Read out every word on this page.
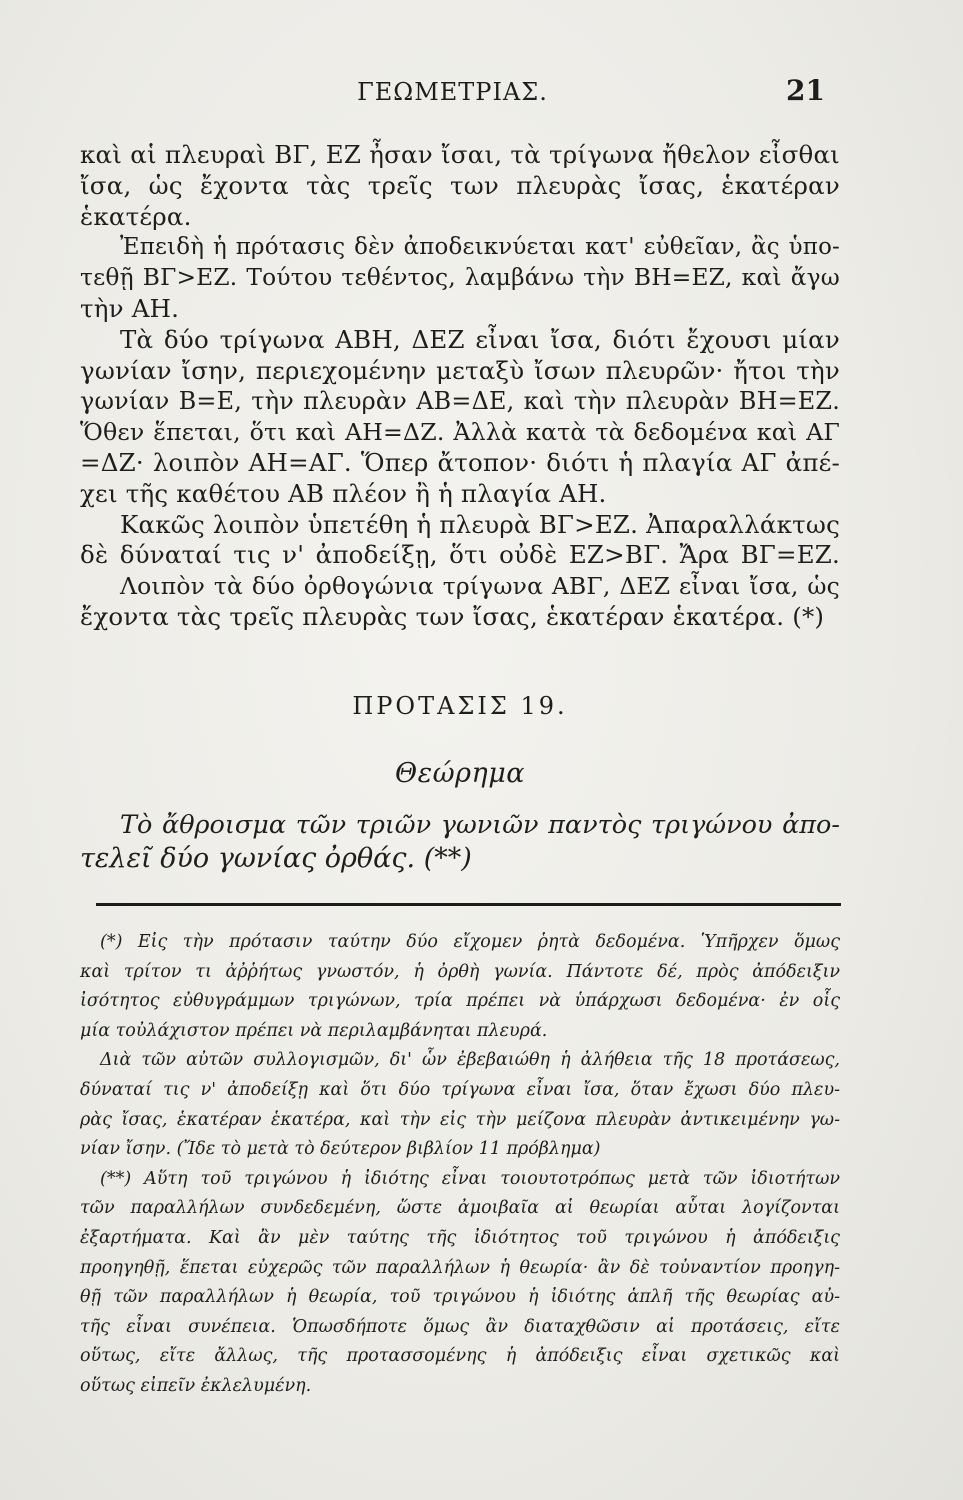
ΓΕΩΜΕΤΡΙΑΣ.	21

καὶ αἱ πλευραὶ ΒΓ, ΕΖ ἦσαν ἴσαι, τὰ τρίγωνα ἤθελον εἶσθαι
ἴσα, ὡς ἔχοντα τὰς τρεῖς των πλευρὰς ἴσας, ἑκατέραν
ἑκατέρα.
Ἐπειδὴ ἡ πρότασις δὲν ἀποδεικνύεται κατ' εὐθεῖαν, ἂς ὑπο-
τεθῇ ΒΓ>ΕΖ. Τούτου τεθέντος, λαμβάνω τὴν ΒΗ=ΕΖ, καὶ ἄγω
τὴν ΑΗ.
Τὰ δύο τρίγωνα ΑΒΗ, ΔΕΖ εἶναι ἴσα, διότι ἔχουσι μίαν
γωνίαν ἴσην, περιεχομένην μεταξὺ ἴσων πλευρῶν· ἤτοι τὴν
γωνίαν Β=Ε, τὴν πλευρὰν ΑΒ=ΔΕ, καὶ τὴν πλευρὰν ΒΗ=ΕΖ.
Ὅθεν ἕπεται, ὅτι καὶ ΑΗ=ΔΖ. Ἀλλὰ κατὰ τὰ δεδομένα καὶ ΑΓ
=ΔΖ· λοιπὸν ΑΗ=ΑΓ. Ὅπερ ἄτοπον· διότι ἡ πλαγία ΑΓ ἀπέ-
χει τῆς καθέτου ΑΒ πλέον ἢ ἡ πλαγία ΑΗ.
Κακῶς λοιπὸν ὑπετέθη ἡ πλευρὰ ΒΓ>ΕΖ. Ἀπαραλλάκτως
δὲ δύναταί τις ν' ἀποδείξῃ, ὅτι οὐδὲ ΕΖ>ΒΓ. Ἄρα ΒΓ=ΕΖ.
Λοιπὸν τὰ δύο ὀρθογώνια τρίγωνα ΑΒΓ, ΔΕΖ εἶναι ἴσα, ὡς
ἔχοντα τὰς τρεῖς πλευρὰς των ἴσας, ἑκατέραν ἑκατέρα. (*)

ΠΡΟΤΑΣΙΣ 19.
Θεώρημα
Τὸ ἄθροισμα τῶν τριῶν γωνιῶν παντὸς τριγώνου ἀπο-
τελεῖ δύο γωνίας ὀρθάς. (**)

(*) Εἰς τὴν πρότασιν ταύτην δύο εἴχομεν ῥητὰ δεδομένα. Ὑπῆρχεν ὅμως
καὶ τρίτον τι ἀῤῥήτως γνωστόν, ἡ ὀρθὴ γωνία. Πάντοτε δέ, πρὸς ἀπόδειξιν
ἰσότητος εὐθυγράμμων τριγώνων, τρία πρέπει νὰ ὑπάρχωσι δεδομένα· ἐν οἷς
μία τοὐλάχιστον πρέπει νὰ περιλαμβάνηται πλευρά.
Διὰ τῶν αὐτῶν συλλογισμῶν, δι' ὧν ἐβεβαιώθη ἡ ἀλήθεια τῆς 18 προτάσεως,
δύναταί τις ν' ἀποδείξῃ καὶ ὅτι δύο τρίγωνα εἶναι ἴσα, ὅταν ἔχωσι δύο πλευ-
ρὰς ἴσας, ἑκατέραν ἑκατέρα, καὶ τὴν εἰς τὴν μείζονα πλευρὰν ἀντικειμένην γω-
νίαν ἴσην. (Ἴδε τὸ μετὰ τὸ δεύτερον βιβλίον 11 πρόβλημα)
(**) Αὕτη τοῦ τριγώνου ἡ ἰδιότης εἶναι τοιουτοτρόπως μετὰ τῶν ἰδιοτήτων
τῶν παραλλήλων συνδεδεμένη, ὥστε ἀμοιβαῖα αἱ θεωρίαι αὗται λογίζονται
ἐξαρτήματα. Καὶ ἂν μὲν ταύτης τῆς ἰδιότητος τοῦ τριγώνου ἡ ἀπόδειξις
προηγηθῇ, ἕπεται εὐχερῶς τῶν παραλλήλων ἡ θεωρία· ἂν δὲ τοὐναντίον προηγη-
θῇ τῶν παραλλήλων ἡ θεωρία, τοῦ τριγώνου ἡ ἰδιότης ἁπλῆ τῆς θεωρίας αὐ-
τῆς εἶναι συνέπεια. Ὁπωσδήποτε ὅμως ἂν διαταχθῶσιν αἱ προτάσεις, εἴτε
οὕτως, εἴτε ἄλλως, τῆς προτασσομένης ἡ ἀπόδειξις εἶναι σχετικῶς καὶ
οὕτως εἰπεῖν ἐκλελυμένη.
